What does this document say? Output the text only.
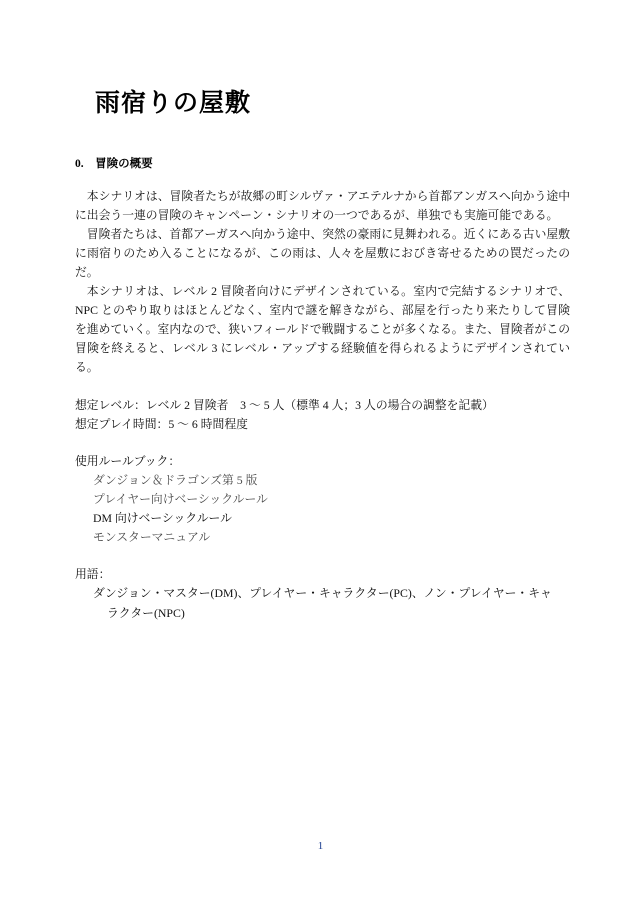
雨宿りの屋敷
0.　冒険の概要

本シナリオは、冒険者たちが故郷の町シルヴァ・アエテルナから首都アンガスへ向かう途中に出会う一連の冒険のキャンペーン・シナリオの一つであるが、単独でも実施可能である。

冒険者たちは、首都アーガスへ向かう途中、突然の豪雨に見舞われる。近くにある古い屋敷に雨宿りのため入ることになるが、この雨は、人々を屋敷におびき寄せるための罠だったのだ。

本シナリオは、レベル 2 冒険者向けにデザインされている。室内で完結するシナリオで、NPC とのやり取りはほとんどなく、室内で謎を解きながら、部屋を行ったり来たりして冒険を進めていく。室内なので、狭いフィールドで戦闘することが多くなる。また、冒険者がこの冒険を終えると、レベル 3 にレベル・アップする経験値を得られるようにデザインされている。

想定レベル：レベル 2 冒険者　3 ～ 5 人（標準 4 人；3 人の場合の調整を記載）
想定プレイ時間：5 ～ 6 時間程度
使用ルールブック：
ダンジョン＆ドラゴンズ第 5 版
プレイヤー向けベーシックルール
DM 向けベーシックルール
モンスターマニュアル
用語：
ダンジョン・マスター(DM)、プレイヤー・キャラクター(PC)、ノン・プレイヤー・キャ
ラクター(NPC)
1
